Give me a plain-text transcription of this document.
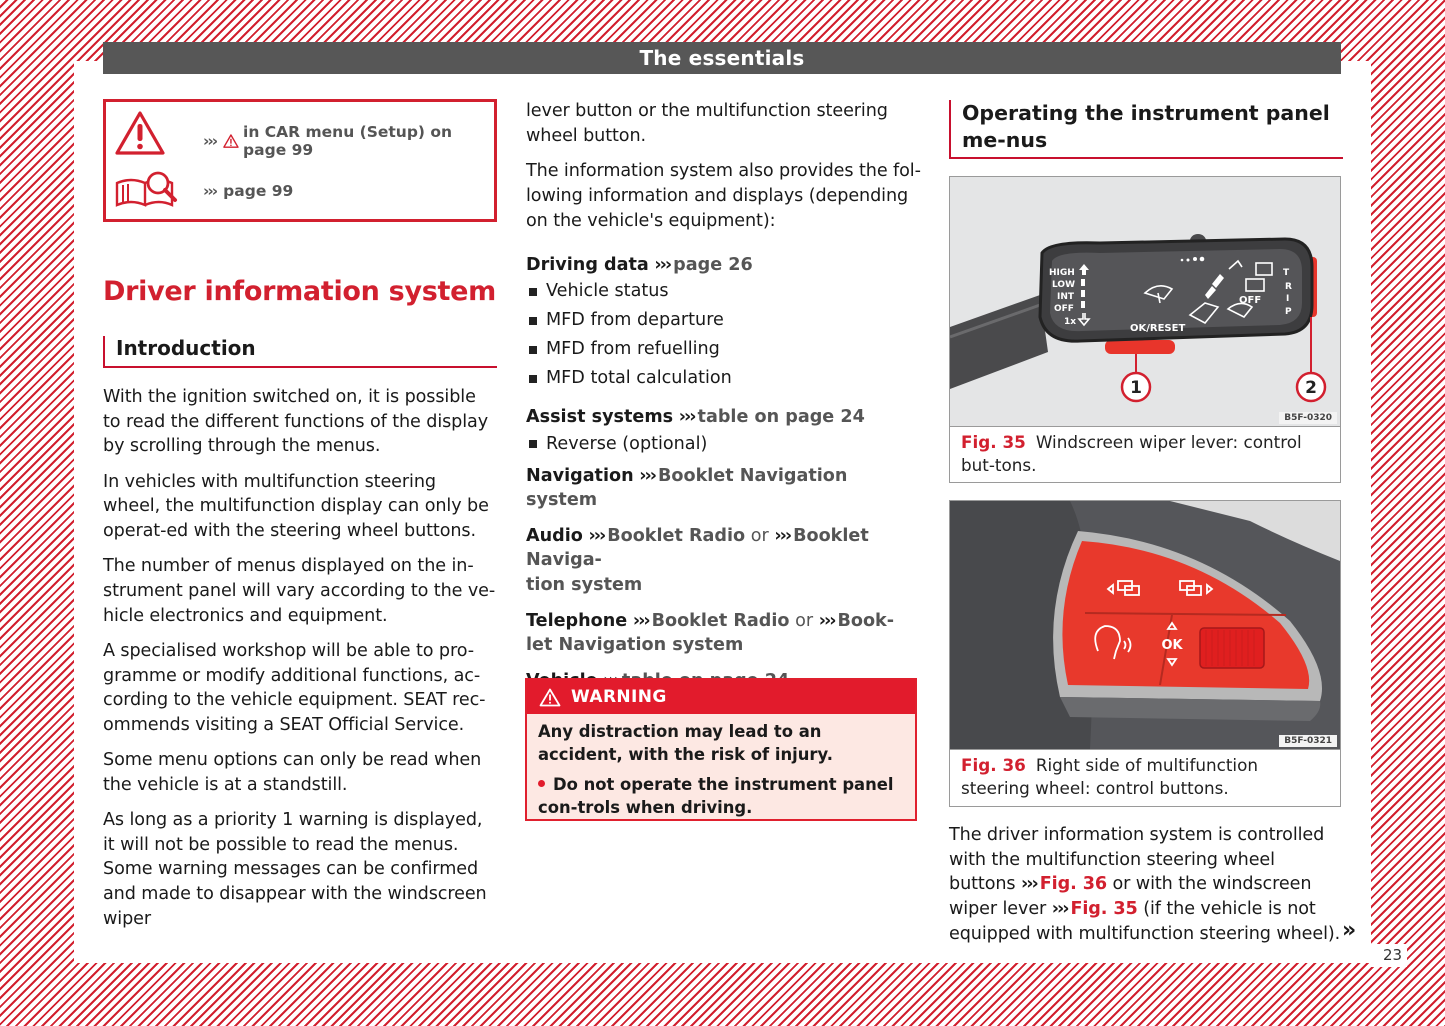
23
The essentials
››› in CAR menu (Setup) on page 99
››› page 99
Driver information system
Introduction

With the ignition switched on, it is possible to read the different functions of the display by scrolling through the menus.

In vehicles with multifunction steering wheel, the multifunction display can only be operat-ed with the steering wheel buttons.

The number of menus displayed on the in-strument panel will vary according to the ve-hicle electronics and equipment.

A specialised workshop will be able to pro-gramme or modify additional functions, ac-cording to the vehicle equipment. SEAT rec-ommends visiting a SEAT Official Service.

Some menu options can only be read when the vehicle is at a standstill.

As long as a priority 1 warning is displayed, it will not be possible to read the menus. Some warning messages can be confirmed and made to disappear with the windscreen wiper

lever button or the multifunction steering wheel button.

The information system also provides the fol-lowing information and displays (depending on the vehicle's equipment):

Driving data ››› page 26
Vehicle status
MFD from departure
MFD from refuelling
MFD total calculation
Assist systems ››› table on page 24
Reverse (optional)
Navigation ››› Booklet Navigation system
Audio ››› Booklet Radio or ››› Booklet Naviga-
tion system
Telephone ››› Booklet Radio or ››› Book-
let Navigation system
WARNING
Any distraction may lead to an accident, with the risk of injury.
Do not operate the instrument panel con-trols when driving.
Operating the instrument panel me-nus
HIGH
LOW
INT
OFF
1x
OK/RESET
OFF
T
R
I
P
1	2
B5F-0320
Fig. 35 Windscreen wiper lever: control but-tons.
OK
B5F-0321
Fig. 36 Right side of multifunction steering wheel: control buttons.

The driver information system is controlled with the multifunction steering wheel buttons ››› Fig. 36 or with the windscreen wiper lever ››› Fig. 35 (if the vehicle is not equipped with multifunction steering wheel). »
